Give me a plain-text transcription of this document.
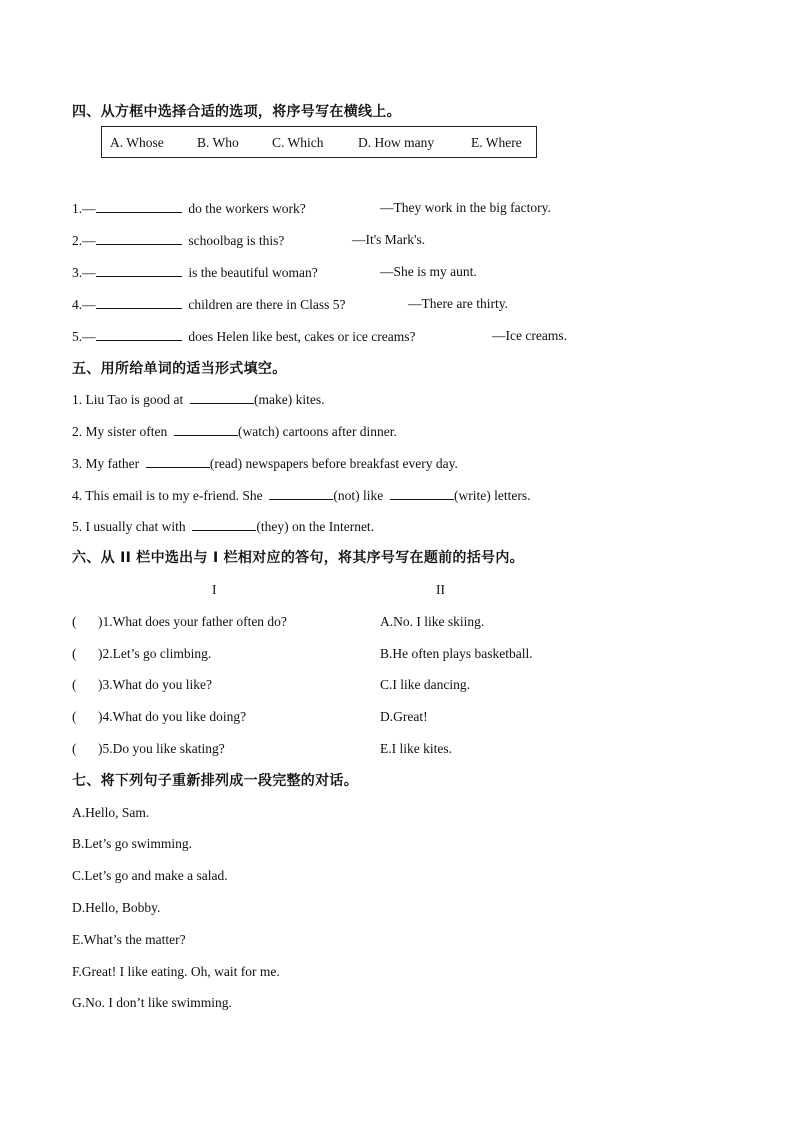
四、从方框中选择合适的选项，将序号写在横线上。
A. Whose B. Who C. Which	D. How many	E. Where
1.—	do the workers work?	—They work in the big factory.
2.—	schoolbag is this?	—It's Mark's.
3.—	is the beautiful woman?	—She is my aunt.
4.—	children are there in Class 5?	—There are thirty.
5.—	does Helen like best, cakes or ice creams?	—Ice creams.
五、用所给单词的适当形式填空。
1. Liu Tao is good at	(make) kites.
2. My sister often	(watch) cartoons after dinner.
3. My father	(read) newspapers before breakfast every day.
4. This email is to my e-friend. She	(not) like	(write) letters.
5. I usually chat with	(they) on the Internet.
六、从 II 栏中选出与 I 栏相对应的答句，将其序号写在题前的括号内。
I	II
( )1.What does your father often do?	A.No. I like skiing.
( )2.Let’s go climbing.	B.He often plays basketball.
( )3.What do you like?	C.I like dancing.
( )4.What do you like doing?	D.Great!
( )5.Do you like skating?	E.I like kites.
七、将下列句子重新排列成一段完整的对话。
A.Hello, Sam.
B.Let’s go swimming.
C.Let’s go and make a salad.
D.Hello, Bobby.
E.What’s the matter?
F.Great! I like eating. Oh, wait for me.
G.No. I don’t like swimming.
